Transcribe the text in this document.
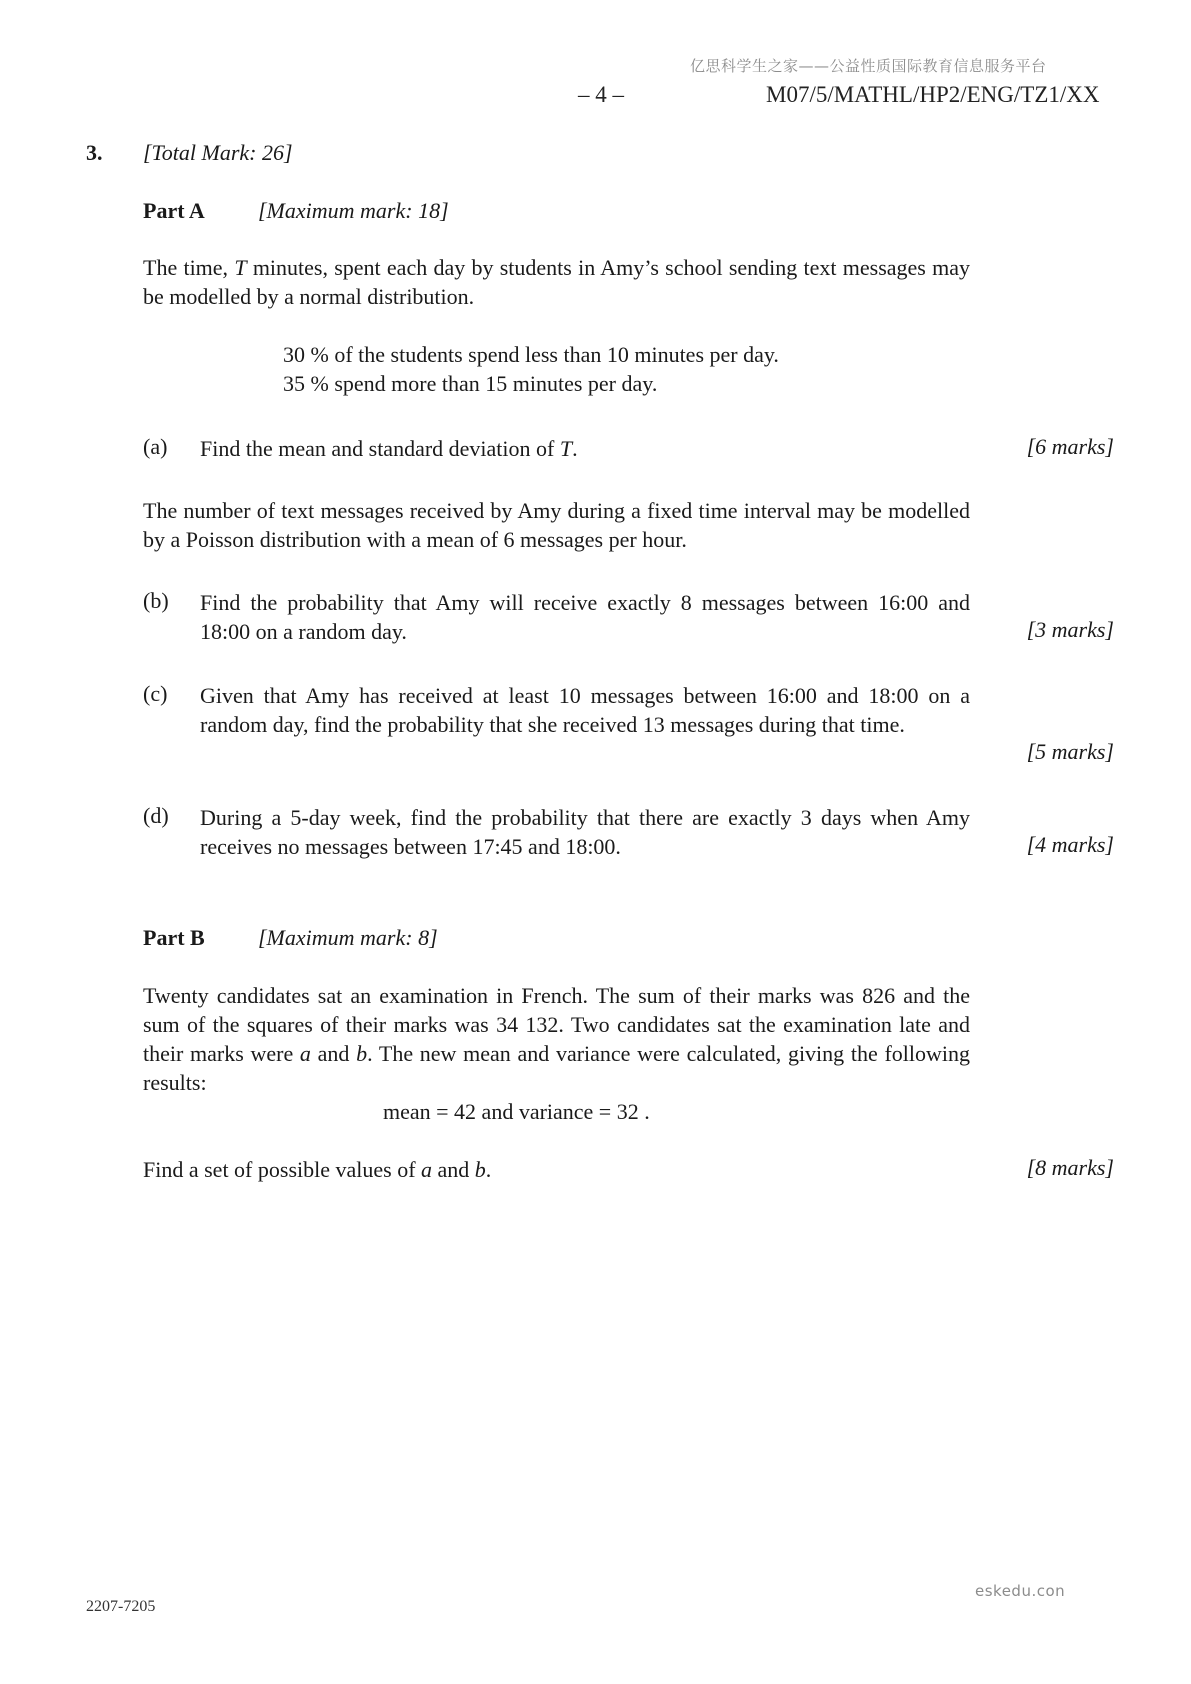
亿思科学生之家——公益性质国际教育信息服务平台
– 4 –	M07/5/MATHL/HP2/ENG/TZ1/XX
3. [Total Mark: 26]
Part A [Maximum mark: 18]
The time, T minutes, spent each day by students in Amy’s school sending text messages may be modelled by a normal distribution.
30 % of the students spend less than 10 minutes per day.
35 % spend more than 15 minutes per day.
(a) Find the mean and standard deviation of T.	[6 marks]
The number of text messages received by Amy during a fixed time interval may be modelled by a Poisson distribution with a mean of 6 messages per hour.
(b) Find the probability that Amy will receive exactly 8 messages between 16:00 and 18:00 on a random day.	[3 marks]
(c) Given that Amy has received at least 10 messages between 16:00 and 18:00 on a random day, find the probability that she received 13 messages during that time.
[5 marks]
(d) During a 5-day week, find the probability that there are exactly 3 days when Amy receives no messages between 17:45 and 18:00.	[4 marks]
Part B [Maximum mark: 8]
Twenty candidates sat an examination in French. The sum of their marks was 826 and the sum of the squares of their marks was 34 132. Two candidates sat the examination late and their marks were a and b. The new mean and variance were calculated, giving the following results:
mean = 42 and variance = 32 .
Find a set of possible values of a and b.	[8 marks]
eskedu.con
2207-7205
